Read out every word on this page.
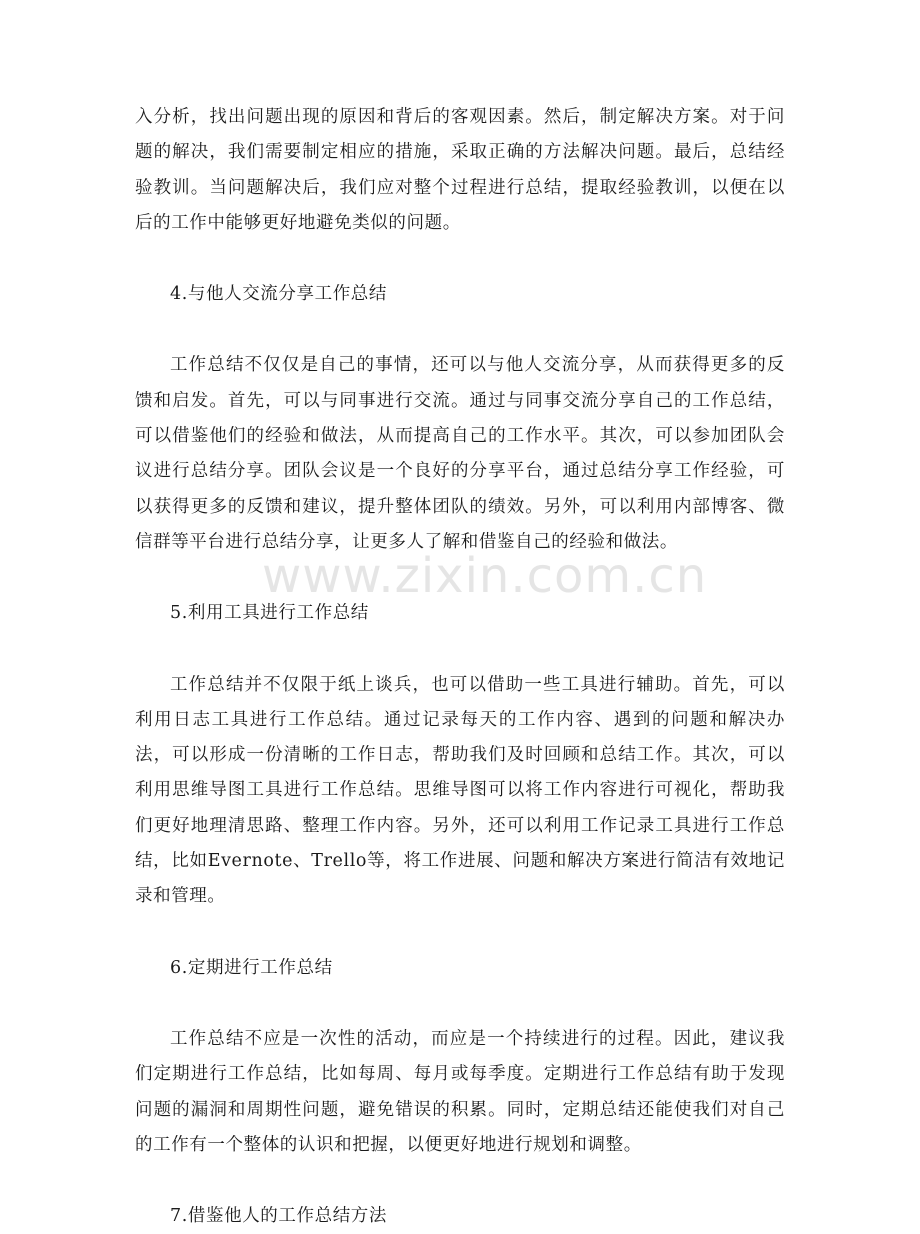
入分析，找出问题出现的原因和背后的客观因素。然后，制定解决方案。对于问题的解决，我们需要制定相应的措施，采取正确的方法解决问题。最后，总结经验教训。当问题解决后，我们应对整个过程进行总结，提取经验教训，以便在以后的工作中能够更好地避免类似的问题。

4.与他人交流分享工作总结

工作总结不仅仅是自己的事情，还可以与他人交流分享，从而获得更多的反馈和启发。首先，可以与同事进行交流。通过与同事交流分享自己的工作总结，可以借鉴他们的经验和做法，从而提高自己的工作水平。其次，可以参加团队会议进行总结分享。团队会议是一个良好的分享平台，通过总结分享工作经验，可以获得更多的反馈和建议，提升整体团队的绩效。另外，可以利用内部博客、微信群等平台进行总结分享，让更多人了解和借鉴自己的经验和做法。

5.利用工具进行工作总结

工作总结并不仅限于纸上谈兵，也可以借助一些工具进行辅助。首先，可以利用日志工具进行工作总结。通过记录每天的工作内容、遇到的问题和解决办法，可以形成一份清晰的工作日志，帮助我们及时回顾和总结工作。其次，可以利用思维导图工具进行工作总结。思维导图可以将工作内容进行可视化，帮助我们更好地理清思路、整理工作内容。另外，还可以利用工作记录工具进行工作总结，比如Evernote、Trello等，将工作进展、问题和解决方案进行简洁有效地记录和管理。

6.定期进行工作总结

工作总结不应是一次性的活动，而应是一个持续进行的过程。因此，建议我们定期进行工作总结，比如每周、每月或每季度。定期进行工作总结有助于发现问题的漏洞和周期性问题，避免错误的积累。同时，定期总结还能使我们对自己的工作有一个整体的认识和把握，以便更好地进行规划和调整。

7.借鉴他人的工作总结方法

www.zixin.com.cn
